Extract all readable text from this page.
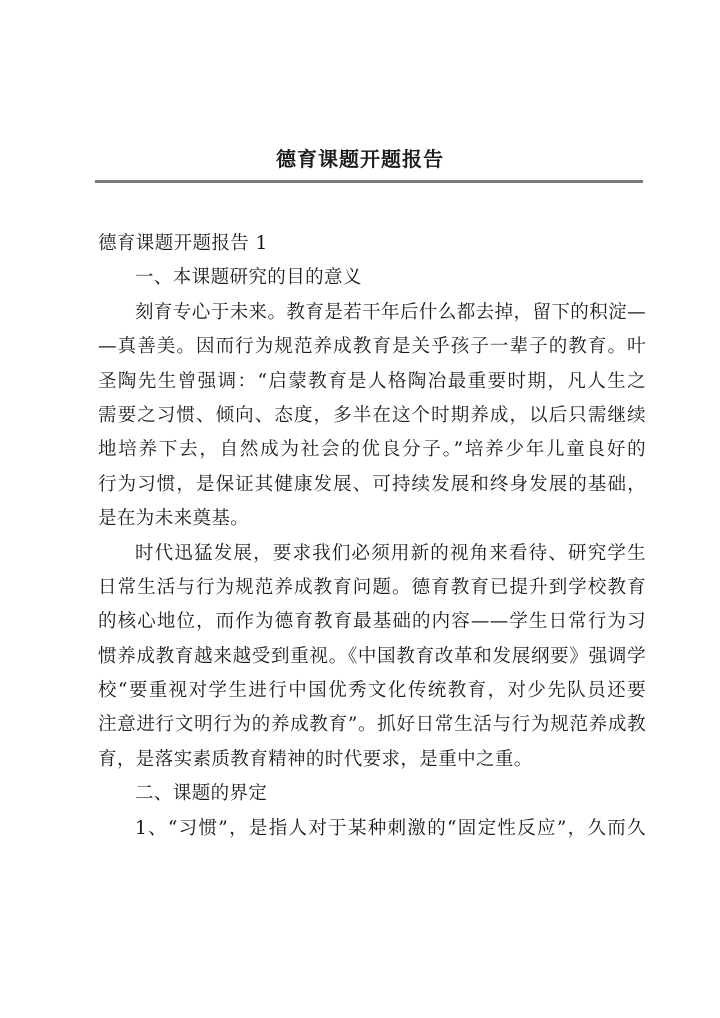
德育课题开题报告
德育课题开题报告 1
一、本课题研究的目的意义
刻育专心于未来。教育是若干年后什么都去掉，留下的积淀—
—真善美。因而行为规范养成教育是关乎孩子一辈子的教育。叶
圣陶先生曾强调：“启蒙教育是人格陶冶最重要时期，凡人生之
需要之习惯、倾向、态度，多半在这个时期养成，以后只需继续
地培养下去，自然成为社会的优良分子。”培养少年儿童良好的
行为习惯，是保证其健康发展、可持续发展和终身发展的基础，
是在为未来奠基。
时代迅猛发展，要求我们必须用新的视角来看待、研究学生
日常生活与行为规范养成教育问题。德育教育已提升到学校教育
的核心地位，而作为德育教育最基础的内容——学生日常行为习
惯养成教育越来越受到重视。《中国教育改革和发展纲要》强调学
校“要重视对学生进行中国优秀文化传统教育，对少先队员还要
注意进行文明行为的养成教育”。抓好日常生活与行为规范养成教
育，是落实素质教育精神的时代要求，是重中之重。
二、课题的界定
1、“习惯”，是指人对于某种刺激的“固定性反应”，久而久
